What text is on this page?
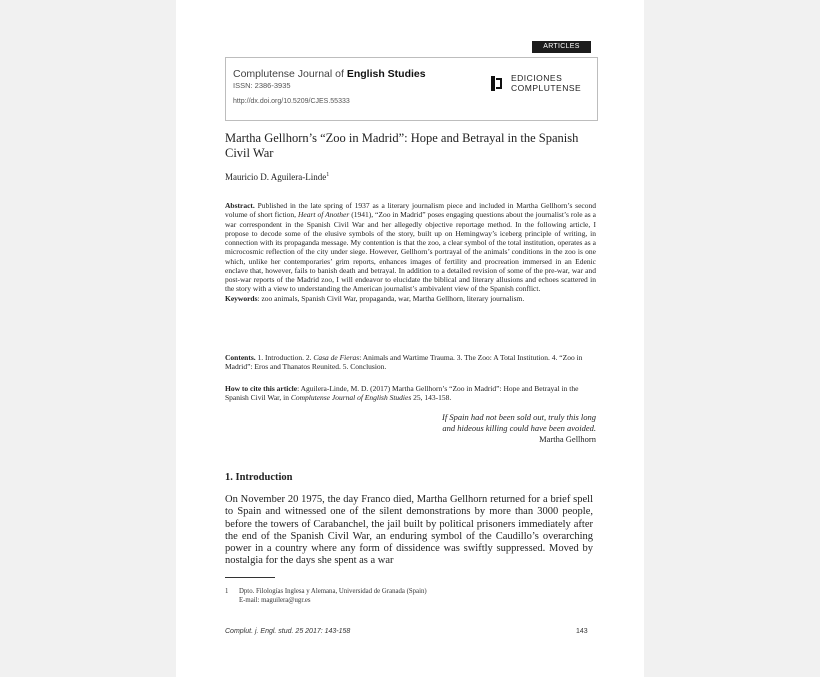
ARTICLES
Complutense Journal of English Studies
ISSN: 2386-3935
http://dx.doi.org/10.5209/CJES.55333
EDICIONES
COMPLUTENSE
Martha Gellhorn’s “Zoo in Madrid”: Hope and Betrayal in the Spanish Civil War
Mauricio D. Aguilera-Linde$^1$
Abstract. Published in the late spring of 1937 as a literary journalism piece and included in Martha Gellhorn’s second volume of short fiction, Heart of Another (1941), “Zoo in Madrid” poses engaging questions about the journalist’s role as a war correspondent in the Spanish Civil War and her allegedly objective reportage method. In the following article, I propose to decode some of the elusive symbols of the story, built up on Hemingway’s iceberg principle of writing, in connection with its propaganda message. My contention is that the zoo, a clear symbol of the total institution, operates as a microcosmic reflection of the city under siege. However, Gellhorn’s portrayal of the animals’ conditions in the zoo is one which, unlike her contemporaries’ grim reports, enhances images of fertility and procreation immersed in an Edenic enclave that, however, fails to banish death and betrayal. In addition to a detailed revision of some of the pre-war, war and post-war reports of the Madrid zoo, I will endeavor to elucidate the biblical and literary allusions and echoes scattered in the story with a view to understanding the American journalist’s ambivalent view of the Spanish conflict.
Keywords: zoo animals, Spanish Civil War, propaganda, war, Martha Gellhorn, literary journalism.
Contents. 1. Introduction. 2. Casa de Fieras: Animals and Wartime Trauma. 3. The Zoo: A Total Institution. 4. “Zoo in Madrid”: Eros and Thanatos Reunited. 5. Conclusion.
How to cite this article: Aguilera-Linde, M. D. (2017) Martha Gellhorn’s “Zoo in Madrid”: Hope and Betrayal in the Spanish Civil War, in Complutense Journal of English Studies 25, 143-158.
If Spain had not been sold out, truly this long
and hideous killing could have been avoided.
Martha Gellhorn
1. Introduction
On November 20 1975, the day Franco died, Martha Gellhorn returned for a brief spell to Spain and witnessed one of the silent demonstrations by more than 3000 people, before the towers of Carabanchel, the jail built by political prisoners immediately after the end of the Spanish Civil War, an enduring symbol of the Caudillo’s overarching power in a country where any form of dissidence was swiftly suppressed. Moved by nostalgia for the days she spent as a war
1 Dpto. Filologías Inglesa y Alemana, Universidad de Granada (Spain)
E-mail: maguilera@ugr.es
Complut. j. Engl. stud. 25 2017: 143-158	143
